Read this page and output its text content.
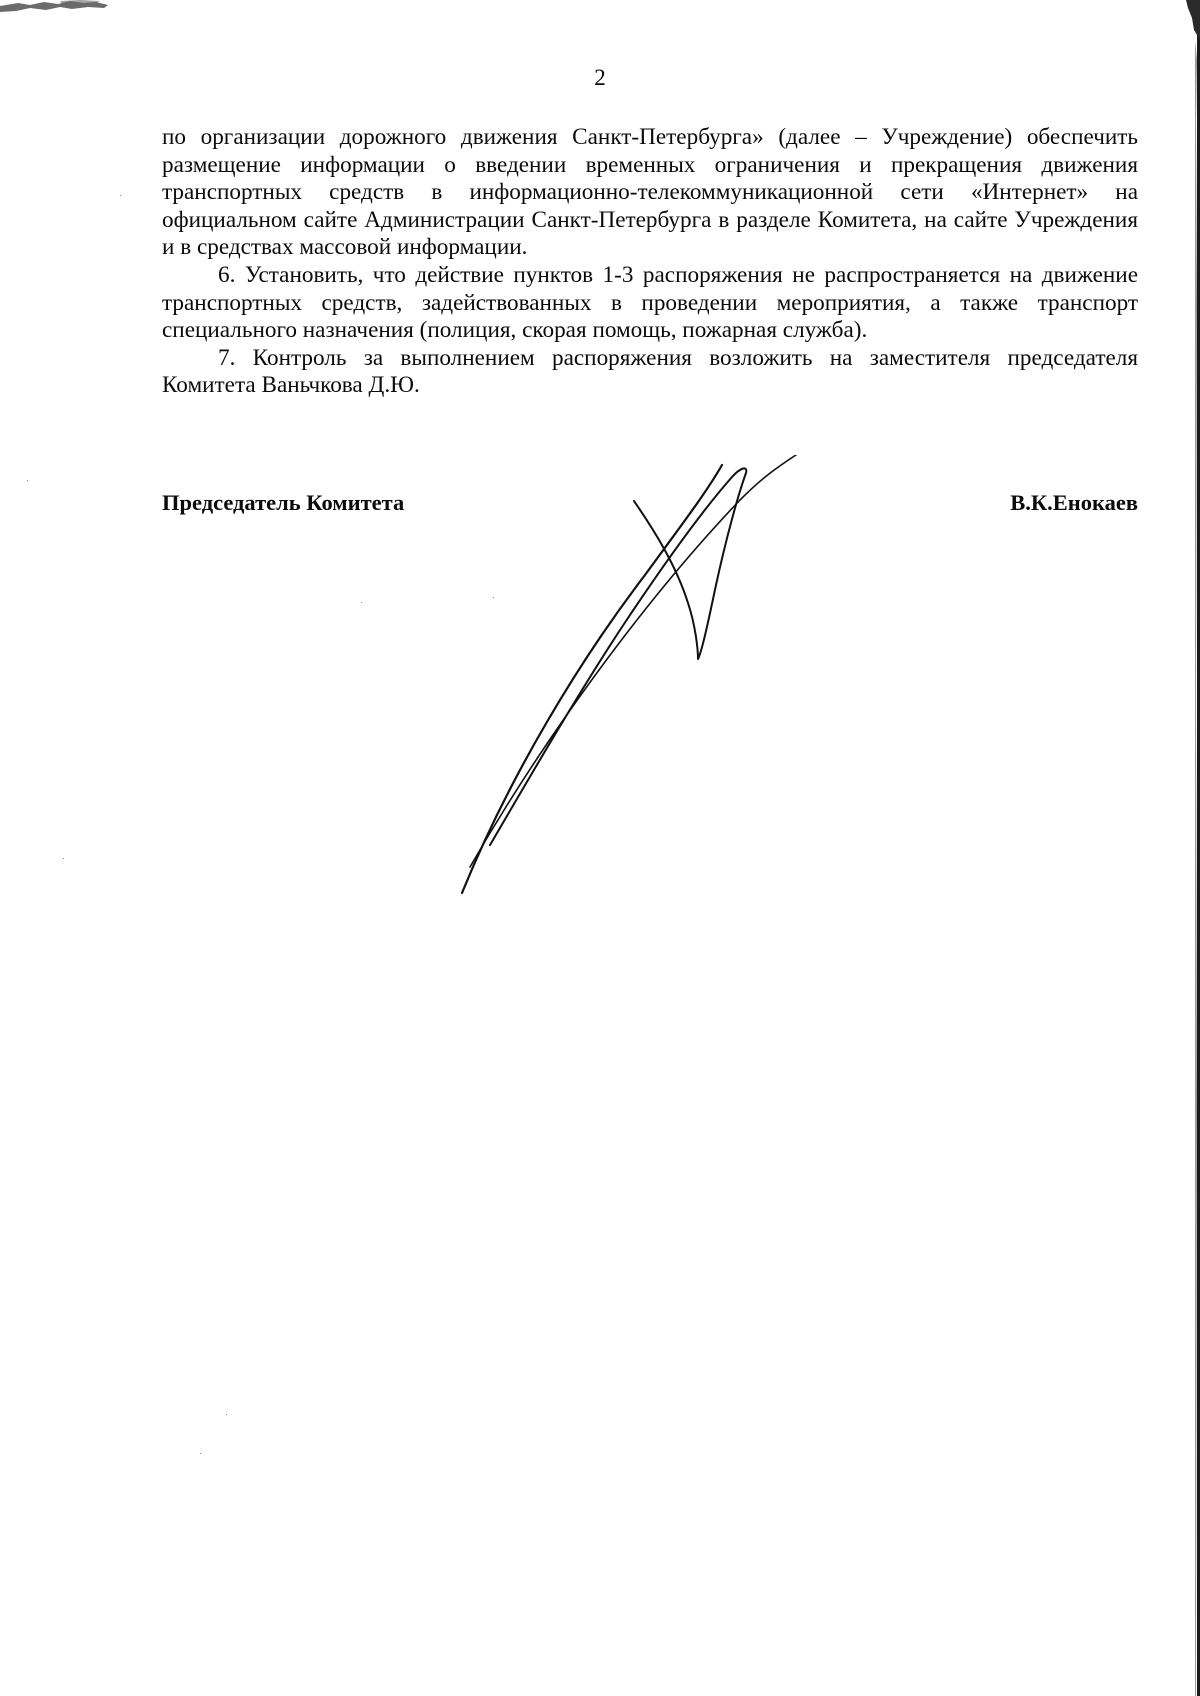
2

по организации дорожного движения Санкт-Петербурга» (далее – Учреждение) обеспечить размещение информации о введении временных ограничения и прекращения движения транспортных средств в информационно-телекоммуникационной сети «Интернет» на официальном сайте Администрации Санкт-Петербурга в разделе Комитета, на сайте Учреждения и в средствах массовой информации.

6. Установить, что действие пунктов 1-3 распоряжения не распространяется на движение транспортных средств, задействованных в проведении мероприятия, а также транспорт специального назначения (полиция, скорая помощь, пожарная служба).

7. Контроль за выполнением распоряжения возложить на заместителя председателя Комитета Ваньчкова Д.Ю.

Председатель Комитета	В.К.Енокаев
